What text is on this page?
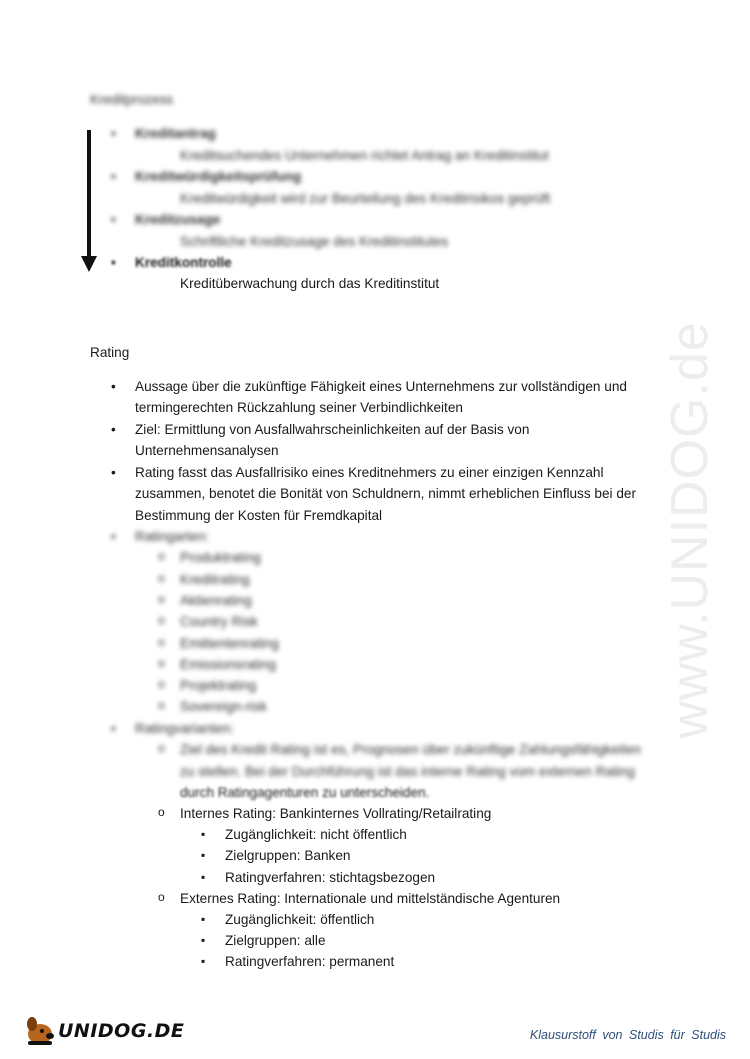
Kreditprozess
• Kreditantrag
Kreditsuchendes Unternehmen richtet Antrag an Kreditinstitut
• Kreditwürdigkeitsprüfung
Kreditwürdigkeit wird zur Beurteilung des Kreditrisikos geprüft
• Kreditzusage
Schriftliche Kreditzusage des Kreditinstitutes
• Kreditkontrolle
Kreditüberwachung durch das Kreditinstitut
www.UNIDOG.de
Rating
• Aussage über die zukünftige Fähigkeit eines Unternehmens zur vollständigen und
termingerechten Rückzahlung seiner Verbindlichkeiten
• Ziel: Ermittlung von Ausfallwahrscheinlichkeiten auf der Basis von
Unternehmensanalysen
• Rating fasst das Ausfallrisiko eines Kreditnehmers zu einer einzigen Kennzahl
zusammen, benotet die Bonität von Schuldnern, nimmt erheblichen Einfluss bei der
Bestimmung der Kosten für Fremdkapital
• Ratingarten:
o Produktrating
o Kreditrating
o Aktienrating
o Country Risk
o Emittentenrating
o Emissionsrating
o Projektrating
o Sovereign-risk
• Ratingvarianten:
o Ziel des Kredit Rating ist es, Prognosen über zukünftige Zahlungsfähigkeiten
zu stellen. Bei der Durchführung ist das interne Rating vom externen Rating
durch Ratingagenturen zu unterscheiden.
o Internes Rating: Bankinternes Vollrating/Retailrating
▪ Zugänglichkeit: nicht öffentlich
▪ Zielgruppen: Banken
▪ Ratingverfahren: stichtagsbezogen
o Externes Rating: Internationale und mittelständische Agenturen
▪ Zugänglichkeit: öffentlich
▪ Zielgruppen: alle
▪ Ratingverfahren: permanent
UNIDOG.DE	Klausurstoff von Studis für Studis
